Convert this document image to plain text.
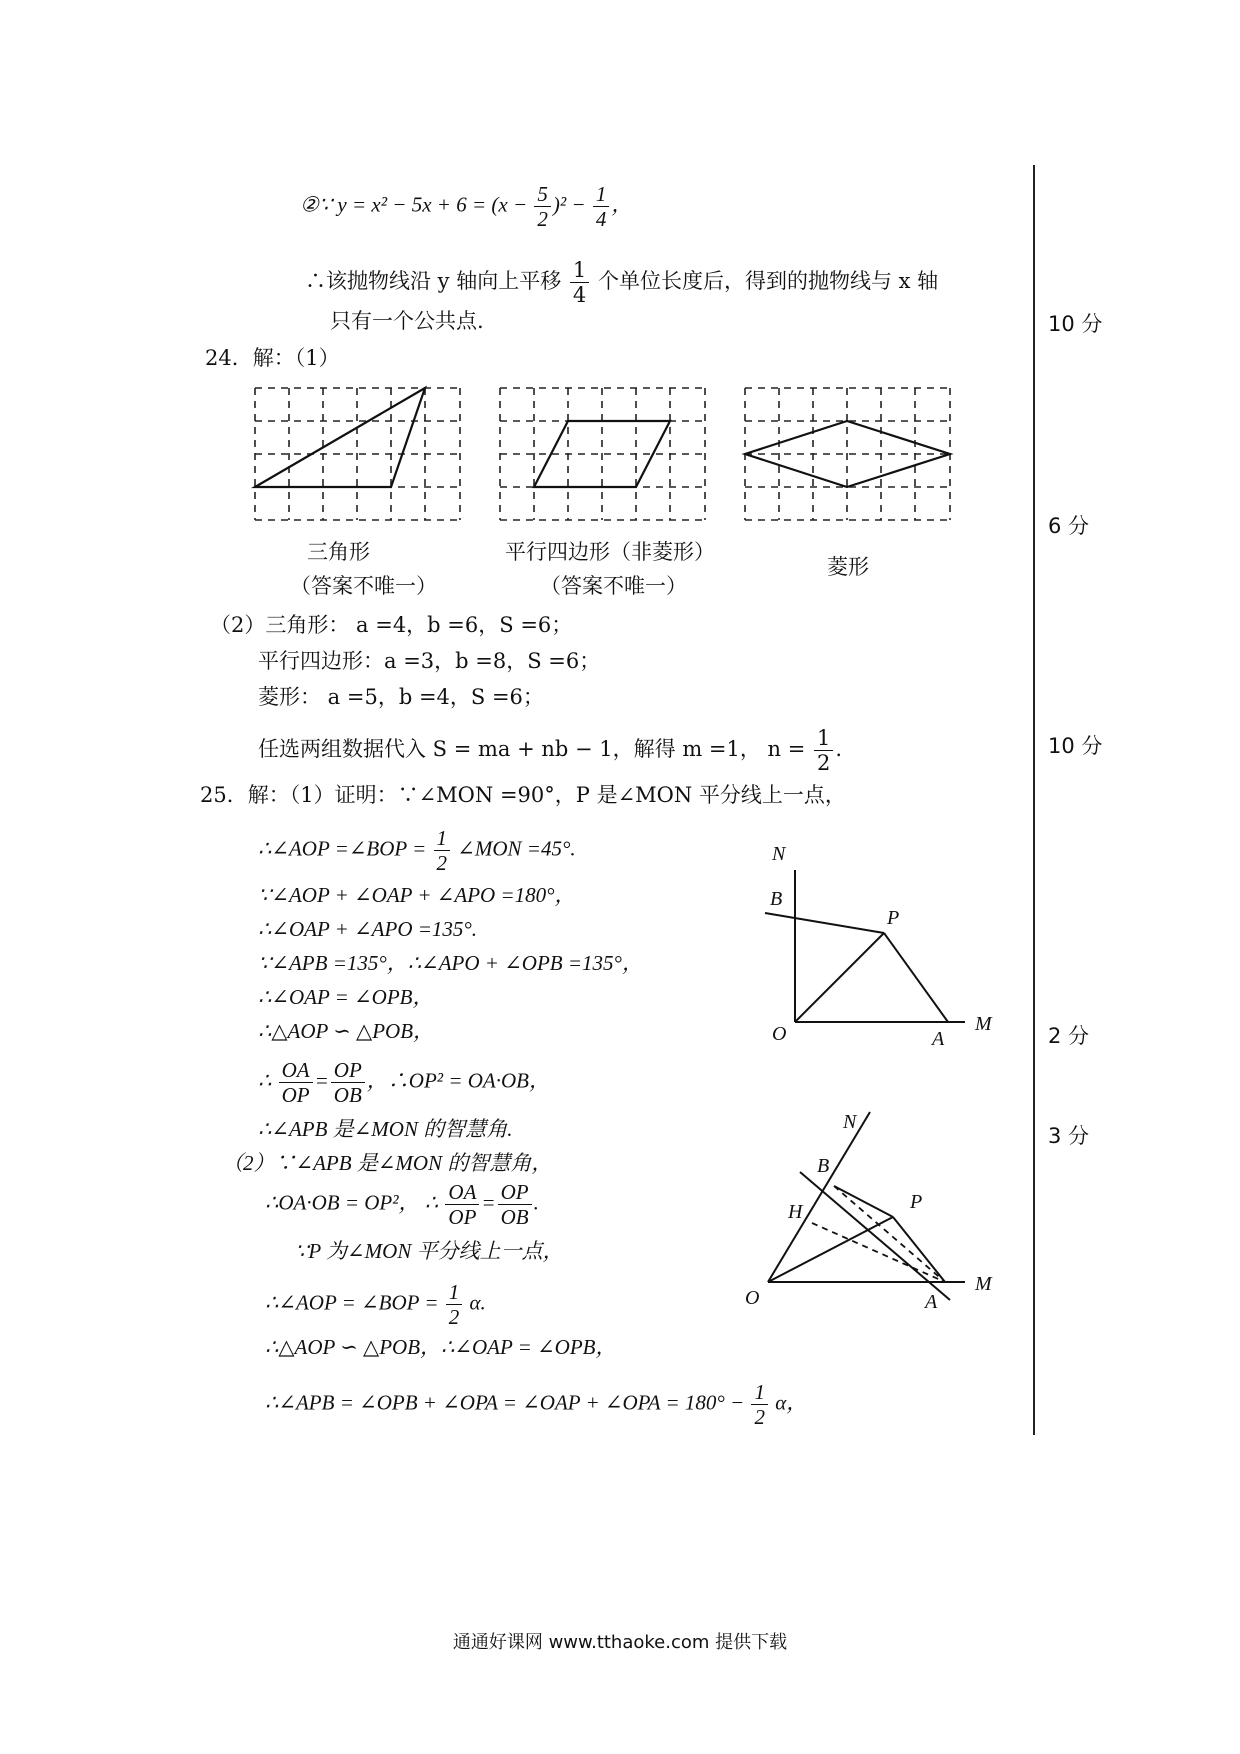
②∵ $y = x^2 - 5x + 6 = (x - \frac{5}{2} )^2 - \frac{1}{4}$ ，
∴该抛物线沿 y 轴向上平移 $\frac{1}{4}$ 个单位长度后，得到的抛物线与 x 轴
只有一个公共点.
24．解：（1）
三角形
（答案不唯一）
平行四边形（非菱形）
（答案不唯一）
菱形
（2）三角形： a =4，b =6，S =6；
平行四边形：a =3，b =8，S =6；
菱形： a =5，b =4，S =6；
任选两组数据代入 S = ma + nb − 1，解得 m =1， $n = \frac{1}{2}$ .
25．解：（1）证明：∵∠MON =90°，P 是∠MON 平分线上一点，
∴∠AOP =∠BOP = $\frac{1}{2}$ ∠MON =45°.
∵∠AOP + ∠OAP + ∠APO =180°，
∴∠OAP + ∠APO =135°.
∵∠APB =135°，∴∠APO + ∠OPB =135°，
∴∠OAP = ∠OPB，
∴△AOP ∽ △POB，
∴ $\frac{OA}{OP} = \frac{OP}{OB}$ ，∴OP² = OA·OB，
∴∠APB 是∠MON 的智慧角.
（2）∵∠APB 是∠MON 的智慧角，
∴OA·OB = OP²， ∴ $\frac{OA}{OP} = \frac{OP}{OB}$ .
∵P 为∠MON 平分线上一点，
∴∠AOP = ∠BOP = $\frac{1}{2} \alpha$.
∴△AOP ∽ △POB，∴∠OAP = ∠OPB，
∴∠APB = ∠OPB + ∠OPA = ∠OAP + ∠OPA = $180^\circ - \frac{1}{2}$ α，
N
B
P
O	A
M
N
B
H	P
O	A
M
10 分
6 分
10 分
2 分
3 分
通通好课网 www.tthaoke.com 提供下载
